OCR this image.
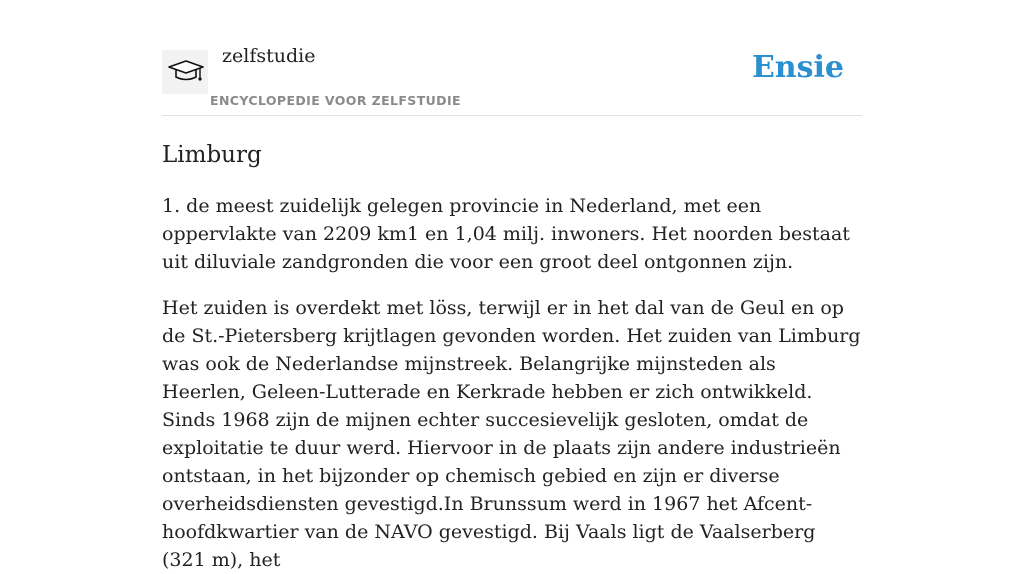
zelfstudie
ENCYCLOPEDIE VOOR ZELFSTUDIE
Ensie
Limburg

1. de meest zuidelijk gelegen provincie in Nederland, met een oppervlakte van 2209 km1 en 1,04 milj. inwoners. Het noorden bestaat uit diluviale zandgronden die voor een groot deel ontgonnen zijn.

Het zuiden is overdekt met löss, terwijl er in het dal van de Geul en op de St.-Pietersberg krijtlagen gevonden worden. Het zuiden van Limburg was ook de Nederlandse mijnstreek. Belangrijke mijnsteden als Heerlen, Geleen-Lutterade en Kerkrade hebben er zich ontwikkeld. Sinds 1968 zijn de mijnen echter succesievelijk gesloten, omdat de exploitatie te duur werd. Hiervoor in de plaats zijn andere industrieën ontstaan, in het bijzonder op chemisch gebied en zijn er diverse overheidsdiensten gevestigd.In Brunssum werd in 1967 het Afcent-hoofdkwartier van de NAVO gevestigd. Bij Vaals ligt de Vaalserberg (321 m), het
